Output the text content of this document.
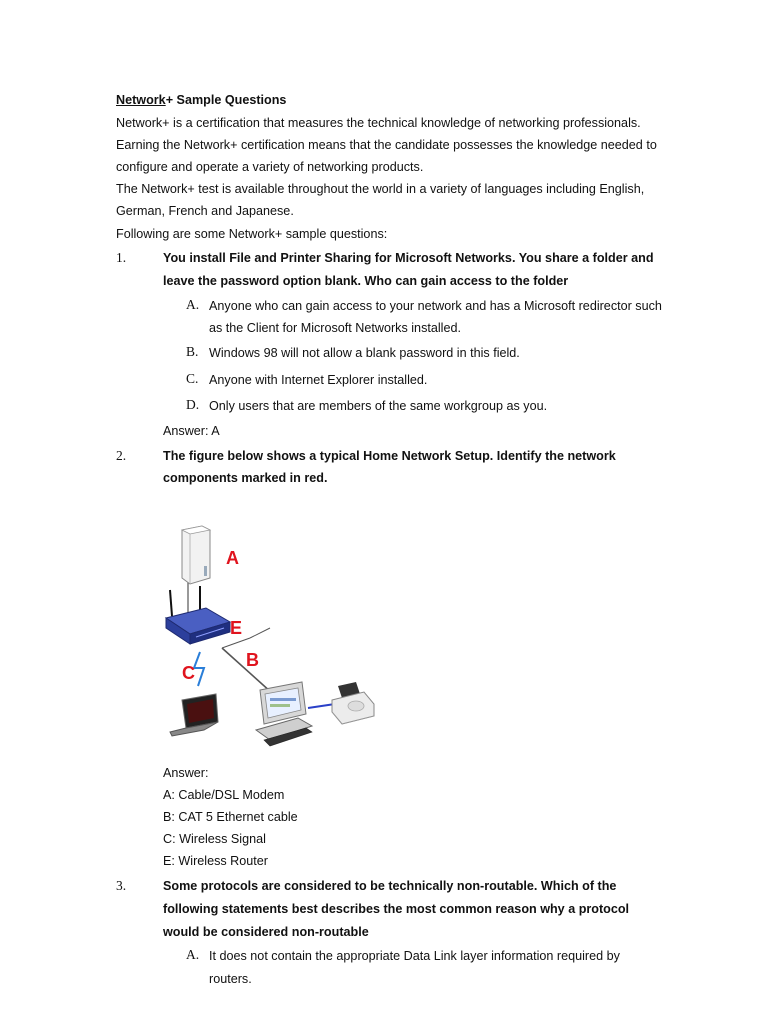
Network+ Sample Questions
Network+ is a certification that measures the technical knowledge of networking professionals.
Earning the Network+ certification means that the candidate possesses the knowledge needed to
configure and operate a variety of networking products.
The Network+ test is available throughout the world in a variety of languages including English,
German, French and Japanese.
Following are some Network+ sample questions:
1.	You install File and Printer Sharing for Microsoft Networks. You share a folder and
leave the password option blank. Who can gain access to the folder
A. Anyone who can gain access to your network and has a Microsoft redirector such
as the Client for Microsoft Networks installed.
B. Windows 98 will not allow a blank password in this field.
C. Anyone with Internet Explorer installed.
D. Only users that are members of the same workgroup as you.
Answer: A
2.	The figure below shows a typical Home Network Setup. Identify the network
components marked in red.
A
E
C
B
Answer:
A: Cable/DSL Modem
B: CAT 5 Ethernet cable
C: Wireless Signal
E: Wireless Router
3.	Some protocols are considered to be technically non-routable. Which of the
following statements best describes the most common reason why a protocol
would be considered non-routable
A. It does not contain the appropriate Data Link layer information required by
routers.
